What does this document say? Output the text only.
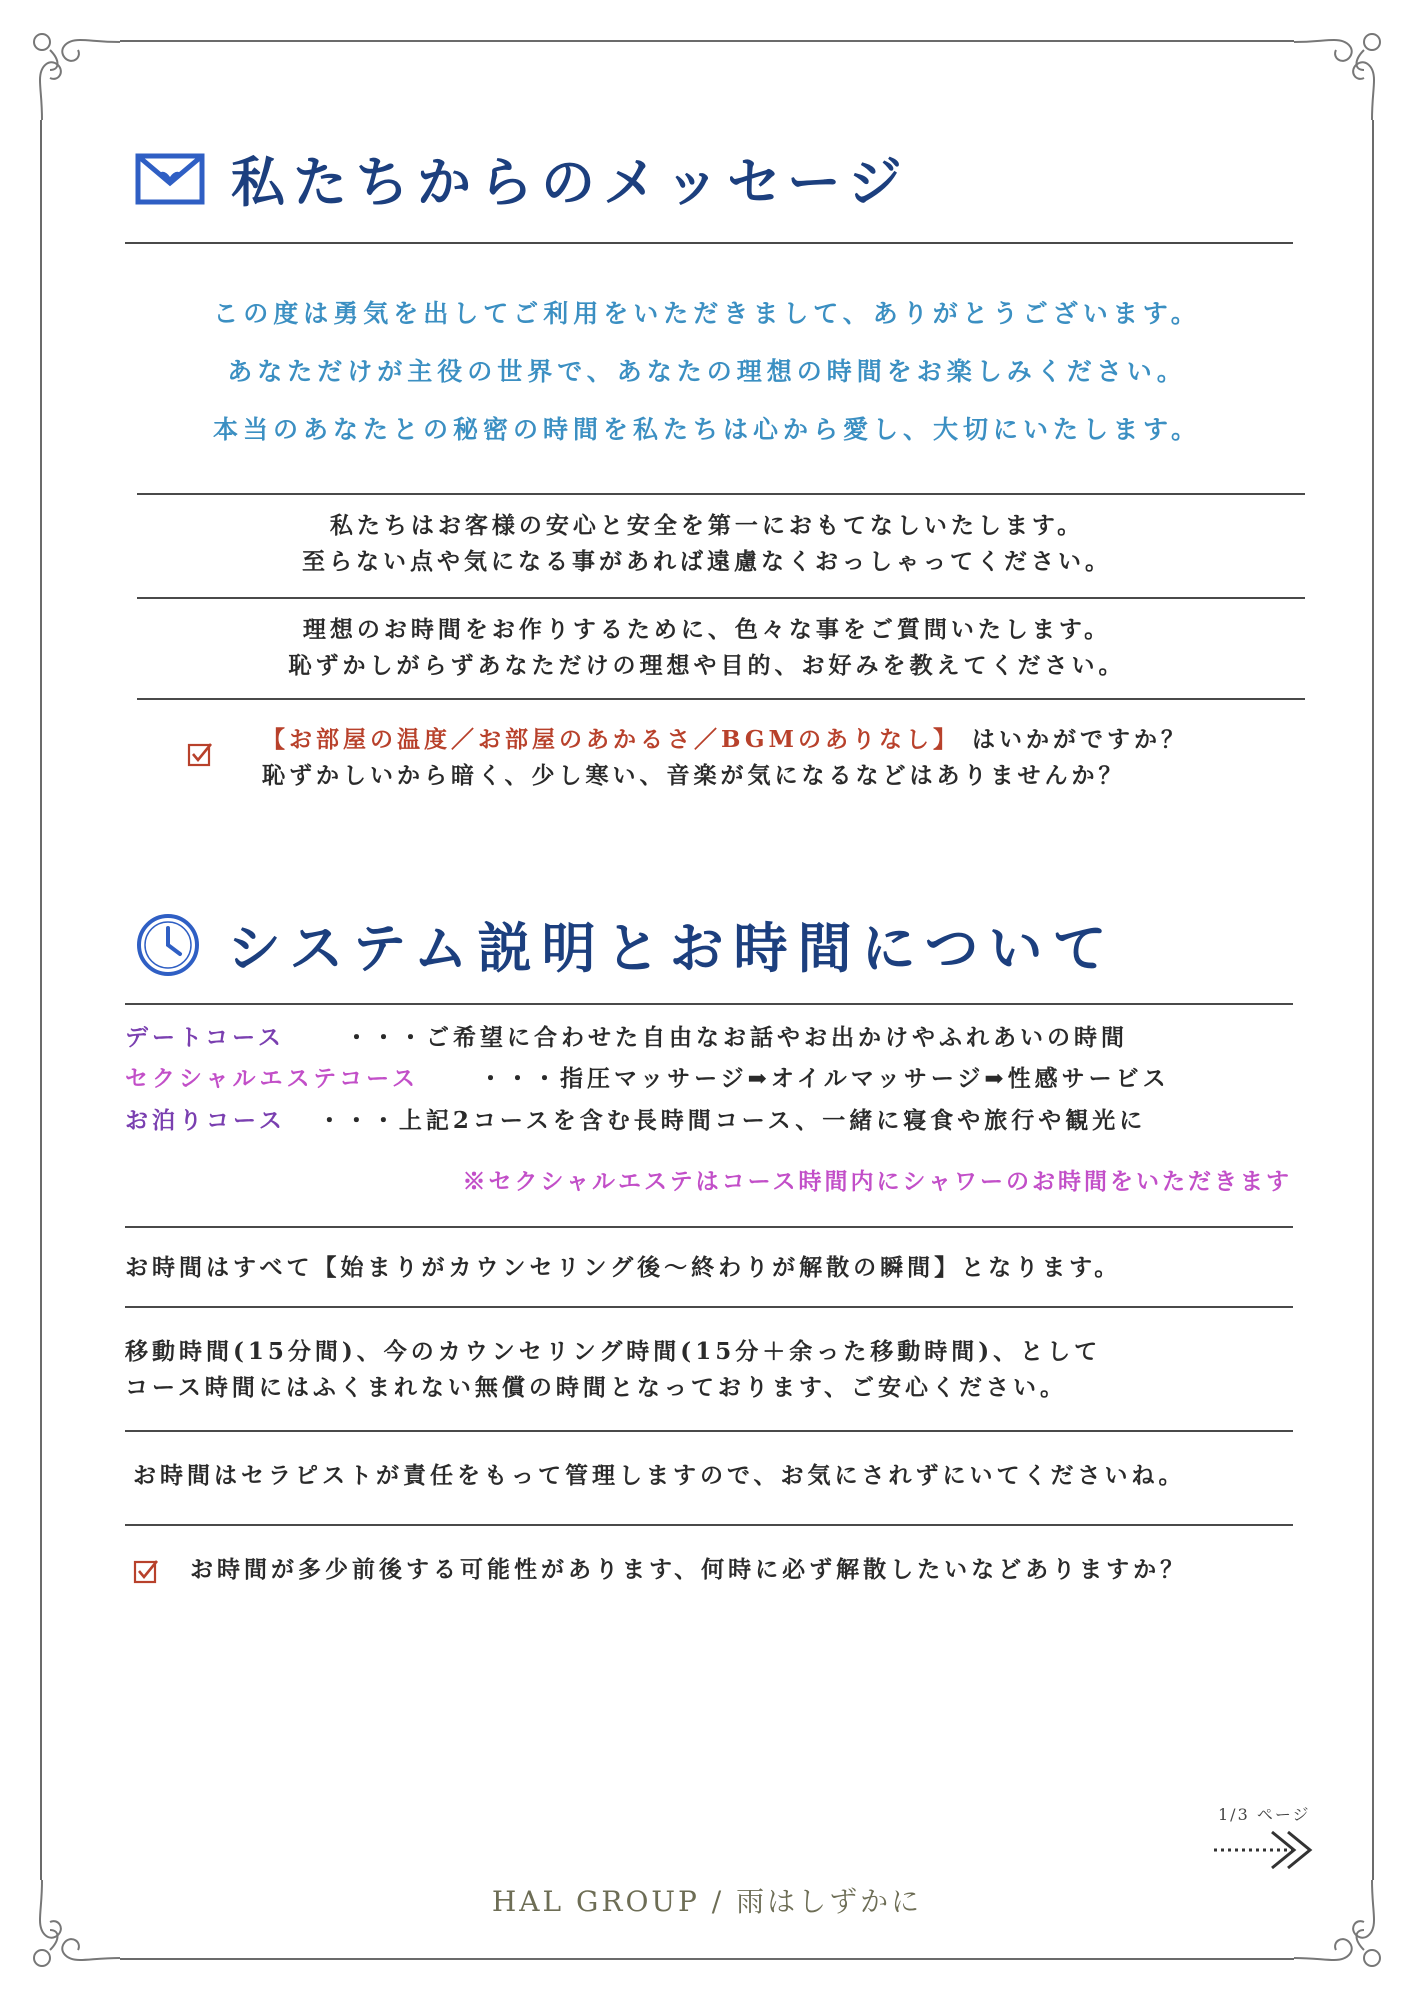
私たちからのメッセージ
この度は勇気を出してご利用をいただきまして、ありがとうございます。
あなただけが主役の世界で、あなたの理想の時間をお楽しみください。
本当のあなたとの秘密の時間を私たちは心から愛し、大切にいたします。
私たちはお客様の安心と安全を第一におもてなしいたします。
至らない点や気になる事があれば遠慮なくおっしゃってください。
理想のお時間をお作りするために、色々な事をご質問いたします。
恥ずかしがらずあなただけの理想や目的、お好みを教えてください。
【お部屋の温度／お部屋のあかるさ／BGMのありなし】 はいかがですか？
恥ずかしいから暗く、少し寒い、音楽が気になるなどはありませんか？
システム説明とお時間について
デートコース	・・・ご希望に合わせた自由なお話やお出かけやふれあいの時間
セクシャルエステコース	・・・指圧マッサージ➡オイルマッサージ➡性感サービス
お泊りコース ・・・上記2コースを含む長時間コース、一緒に寝食や旅行や観光に
※セクシャルエステはコース時間内にシャワーのお時間をいただきます
お時間はすべて【始まりがカウンセリング後～終わりが解散の瞬間】となります。
移動時間(15分間)、今のカウンセリング時間(15分＋余った移動時間)、として
コース時間にはふくまれない無償の時間となっております、ご安心ください。
お時間はセラピストが責任をもって管理しますので、お気にされずにいてくださいね。
お時間が多少前後する可能性があります、何時に必ず解散したいなどありますか？
1/3 ページ
HAL GROUP / 雨はしずかに
